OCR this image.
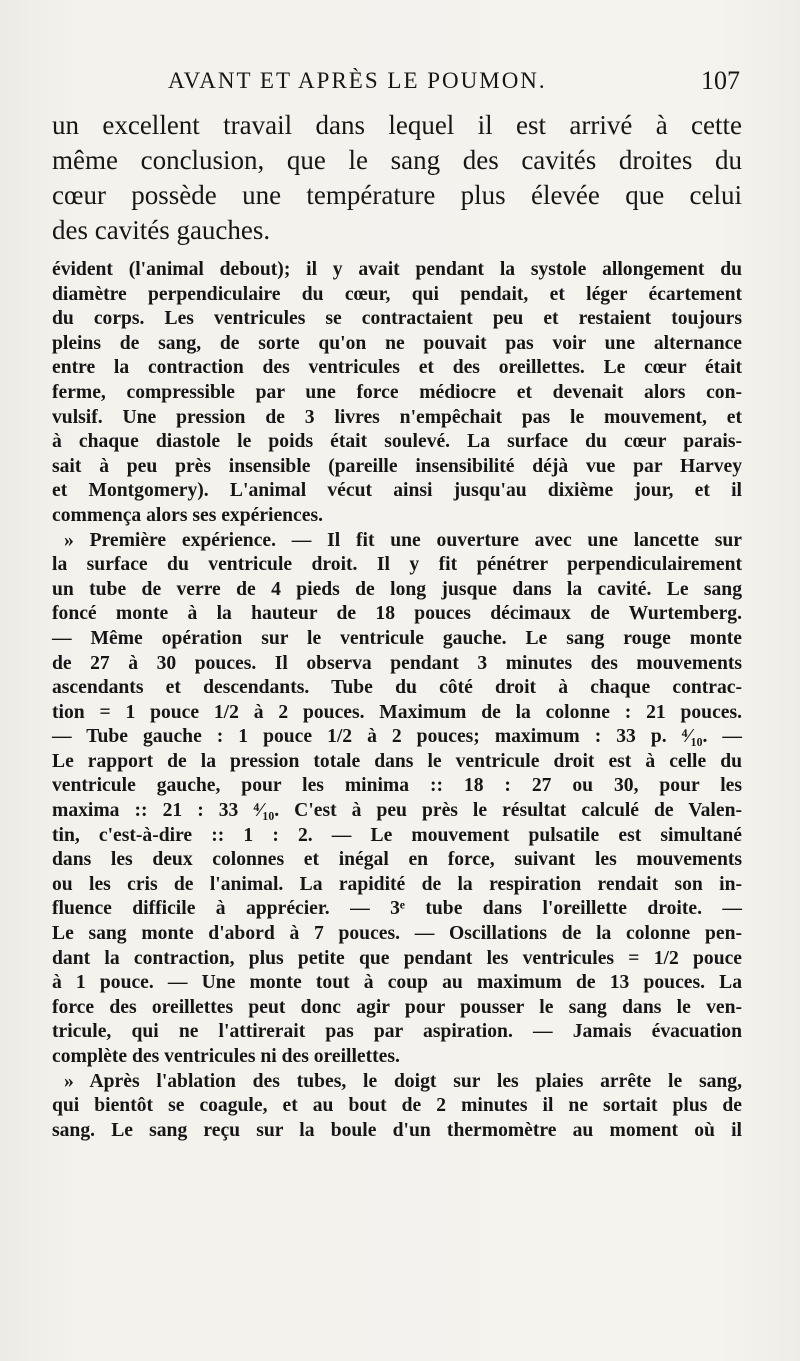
AVANT ET APRÈS LE POUMON.	107

un excellent travail dans lequel il est arrivé à cette
même conclusion, que le sang des cavités droites du
cœur possède une température plus élevée que celui
des cavités gauches.

évident (l'animal debout); il y avait pendant la systole allongement du
diamètre perpendiculaire du cœur, qui pendait, et léger écartement
du corps. Les ventricules se contractaient peu et restaient toujours
pleins de sang, de sorte qu'on ne pouvait pas voir une alternance
entre la contraction des ventricules et des oreillettes. Le cœur était
ferme, compressible par une force médiocre et devenait alors con-
vulsif. Une pression de 3 livres n'empêchait pas le mouvement, et
à chaque diastole le poids était soulevé. La surface du cœur parais-
sait à peu près insensible (pareille insensibilité déjà vue par Harvey
et Montgomery). L'animal vécut ainsi jusqu'au dixième jour, et il
commença alors ses expériences.
» Première expérience. — Il fit une ouverture avec une lancette sur
la surface du ventricule droit. Il y fit pénétrer perpendiculairement
un tube de verre de 4 pieds de long jusque dans la cavité. Le sang
foncé monte à la hauteur de 18 pouces décimaux de Wurtemberg.
— Même opération sur le ventricule gauche. Le sang rouge monte
de 27 à 30 pouces. Il observa pendant 3 minutes des mouvements
ascendants et descendants. Tube du côté droit à chaque contrac-
tion = 1 pouce 1/2 à 2 pouces. Maximum de la colonne : 21 pouces.
— Tube gauche : 1 pouce 1/2 à 2 pouces; maximum : 33 p. ⁴⁄₁₀. —
Le rapport de la pression totale dans le ventricule droit est à celle du
ventricule gauche, pour les minima :: 18 : 27 ou 30, pour les
maxima :: 21 : 33 ⁴⁄₁₀. C'est à peu près le résultat calculé de Valen-
tin, c'est-à-dire :: 1 : 2. — Le mouvement pulsatile est simultané
dans les deux colonnes et inégal en force, suivant les mouvements
ou les cris de l'animal. La rapidité de la respiration rendait son in-
fluence difficile à apprécier. — 3ᵉ tube dans l'oreillette droite. —
Le sang monte d'abord à 7 pouces. — Oscillations de la colonne pen-
dant la contraction, plus petite que pendant les ventricules = 1/2 pouce
à 1 pouce. — Une monte tout à coup au maximum de 13 pouces. La
force des oreillettes peut donc agir pour pousser le sang dans le ven-
tricule, qui ne l'attirerait pas par aspiration. — Jamais évacuation
complète des ventricules ni des oreillettes.
» Après l'ablation des tubes, le doigt sur les plaies arrête le sang,
qui bientôt se coagule, et au bout de 2 minutes il ne sortait plus de
sang. Le sang reçu sur la boule d'un thermomètre au moment où il
